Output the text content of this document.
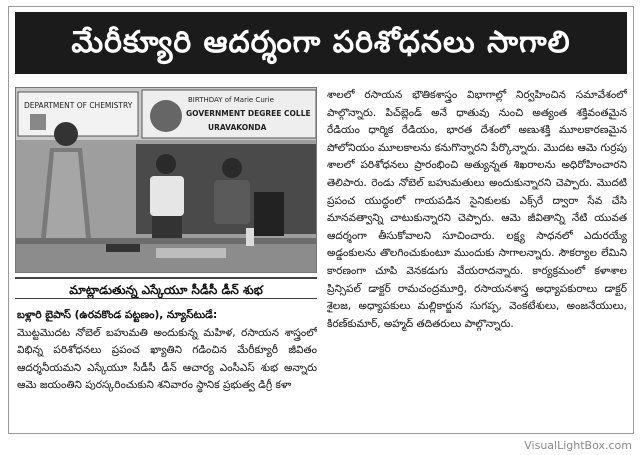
మేరీక్యూరి ఆదర్శంగా పరిశోధనలు సాగాలి
DEPARTMENT OF CHEMISTRY
BIRTHDAY of Marie Curie
GOVERNMENT DEGREE COLLE
URAVAKONDA
మాట్లాడుతున్న ఎస్కేయూ సీడీసీ డీన్ శుభ

బళ్లారి బైపాస్ (ఉరవకొండ పట్టణం), న్యూస్‌టుడే:

మొట్టమొదట నోబెల్ బహుమతి అందుకున్న మహిళ, రసాయన శాస్త్రంలో విభిన్న పరిశోధనలు ప్రపంచ ఖ్యాతిని గడించిన మేరీక్యూరీ జీవితం ఆదర్శనీయమని ఎస్కేయూ సీడీసీ డీన్ ఆచార్య ఎంసీఎస్ శుభ అన్నారు ఆమె జయంతిని పురస్కరించుకుని శనివారం స్థానిక ప్రభుత్వ డిగ్రీ కళా

శాలలో రసాయన భౌతికశాస్త్రం విభాగాల్లో నిర్వహించిన సమావేశంలో పాల్గొన్నారు. పిచ్‌బ్లెండ్ అనే ధాతువు నుంచి అత్యంత శక్తివంతమైన రేడియం ధార్మిక రేడియం, భారత దేశంలో అణుశక్తి మూలకారణమైన పోలోనియం మూలకాలను కనుగొన్నారని పేర్కొన్నారు. మొదట ఆమె గుర్రపు శాలలో పరిశోధనలు ప్రారంభించి అత్యున్నత శిఖరాలను అధిరోహించారని తెలిపారు. రెండు నోబెల్ బహుమతులు అందుకున్నారని చెప్పారు. మొదటి ప్రపంచ యుద్ధంలో గాయపడిన సైనికులకు ఎక్స్‌రే ద్వారా సేవ చేసి మానవత్వాన్ని చాటుకున్నారని చెప్పారు. ఆమె జీవితాన్ని నేటి యువత ఆదర్శంగా తీసుకోవాలని సూచించారు. లక్ష్య సాధనలో ఎదురయ్యే అడ్డంకులను తొలగించుకుంటూ ముందుకు సాగాలన్నారు. సౌకర్యాల లేమిని కారణంగా చూపి వెనకడుగు వేయరాదన్నారు. కార్యక్రమంలో కళాశాల ప్రిన్సిపల్ డాక్టర్ రామచంద్రమూర్తి, రసాయనశాస్త్ర అధ్యాపకురాలు డాక్టర్ శైలజ, అధ్యాపకులు మల్లికార్జున సుగప్ప, వెంకటేశులు, అంజనేయులు, కిరణ్‌కుమార్, అహ్మద్ తదితరులు పాల్గొన్నారు.

VisualLightBox.com
